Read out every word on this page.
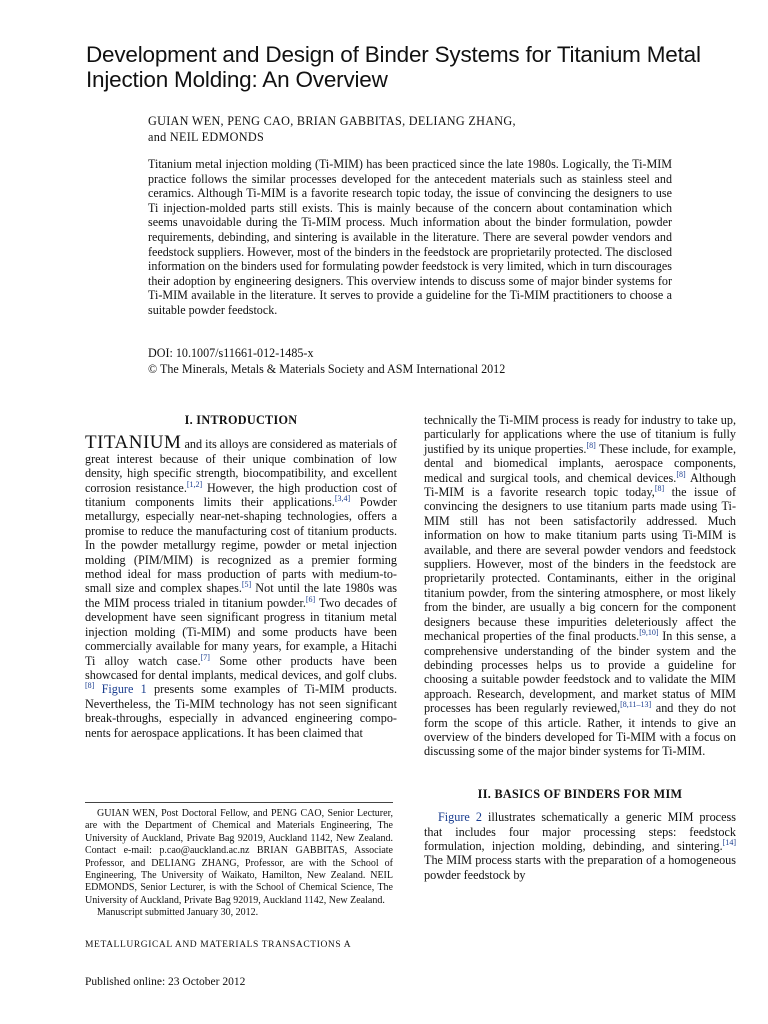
Development and Design of Binder Systems for Titanium Metal Injection Molding: An Overview
GUIAN WEN, PENG CAO, BRIAN GABBITAS, DELIANG ZHANG,
and NEIL EDMONDS

Titanium metal injection molding (Ti-MIM) has been practiced since the late 1980s. Logically, the Ti-MIM practice follows the similar processes developed for the antecedent materials such as stainless steel and ceramics. Although Ti-MIM is a favorite research topic today, the issue of convincing the designers to use Ti injection-molded parts still exists. This is mainly because of the concern about contamination which seems unavoidable during the Ti-MIM process. Much information about the binder formulation, powder requirements, debinding, and sintering is available in the literature. There are several powder vendors and feedstock suppliers. However, most of the binders in the feedstock are proprietarily protected. The disclosed information on the binders used for formulating powder feedstock is very limited, which in turn discourages their adoption by engineering designers. This overview intends to discuss some of major binder systems for Ti-MIM available in the literature. It serves to provide a guideline for the Ti-MIM practitioners to choose a suitable powder feedstock.

DOI: 10.1007/s11661-012-1485-x
© The Minerals, Metals & Materials Society and ASM International 2012
I. INTRODUCTION

TITANIUM and its alloys are considered as materials of great interest because of their unique combination of low density, high specific strength, biocompatibility, and excellent corrosion resistance.[1,2] However, the high production cost of titanium components limits their applications.[3,4] Powder metallurgy, especially near-net-shaping technologies, offers a promise to reduce the manufacturing cost of titanium products. In the powder metallurgy regime, powder or metal injection molding (PIM/MIM) is recognized as a premier forming method ideal for mass production of parts with medium-to-small size and complex shapes.[5] Not until the late 1980s was the MIM process trialed in titanium powder.[6] Two decades of development have seen significant progress in titanium metal injection molding (Ti-MIM) and some products have been commercially available for many years, for example, a Hitachi Ti alloy watch case.[7] Some other products have been showcased for dental implants, medical devices, and golf clubs.[8] Figure 1 presents some examples of Ti-MIM products. Nevertheless, the Ti-MIM technology has not seen significant break-throughs, especially in advanced engineering compo-nents for aerospace applications. It has been claimed that

technically the Ti-MIM process is ready for industry to take up, particularly for applications where the use of titanium is fully justified by its unique properties.[8] These include, for example, dental and biomedical implants, aerospace components, medical and surgical tools, and chemical devices.[8] Although Ti-MIM is a favorite research topic today,[8] the issue of convincing the designers to use titanium parts made using Ti-MIM still has not been satisfactorily addressed. Much information on how to make titanium parts using Ti-MIM is available, and there are several powder vendors and feedstock suppliers. However, most of the binders in the feedstock are proprietarily protected. Contaminants, either in the original titanium powder, from the sintering atmosphere, or most likely from the binder, are usually a big concern for the component designers because these impurities deleteriously affect the mechanical properties of the final products.[9,10] In this sense, a comprehensive understanding of the binder system and the debinding processes helps us to provide a guideline for choosing a suitable powder feedstock and to validate the MIM approach. Research, development, and market status of MIM processes has been regularly reviewed,[8,11–13] and they do not form the scope of this article. Rather, it intends to give an overview of the binders developed for Ti-MIM with a focus on discussing some of the major binder systems for Ti-MIM.

II. BASICS OF BINDERS FOR MIM

Figure 2 illustrates schematically a generic MIM process that includes four major processing steps: feedstock formulation, injection molding, debinding, and sintering.[14] The MIM process starts with the preparation of a homogeneous powder feedstock by

GUIAN WEN, Post Doctoral Fellow, and PENG CAO, Senior Lecturer, are with the Department of Chemical and Materials Engineering, The University of Auckland, Private Bag 92019, Auckland 1142, New Zealand. Contact e-mail: p.cao@auckland.ac.nz BRIAN GABBITAS, Associate Professor, and DELIANG ZHANG, Professor, are with the School of Engineering, The University of Waikato, Hamilton, New Zealand. NEIL EDMONDS, Senior Lecturer, is with the School of Chemical Science, The University of Auckland, Private Bag 92019, Auckland 1142, New Zealand.

Manuscript submitted January 30, 2012.

METALLURGICAL AND MATERIALS TRANSACTIONS A
Published online: 23 October 2012
